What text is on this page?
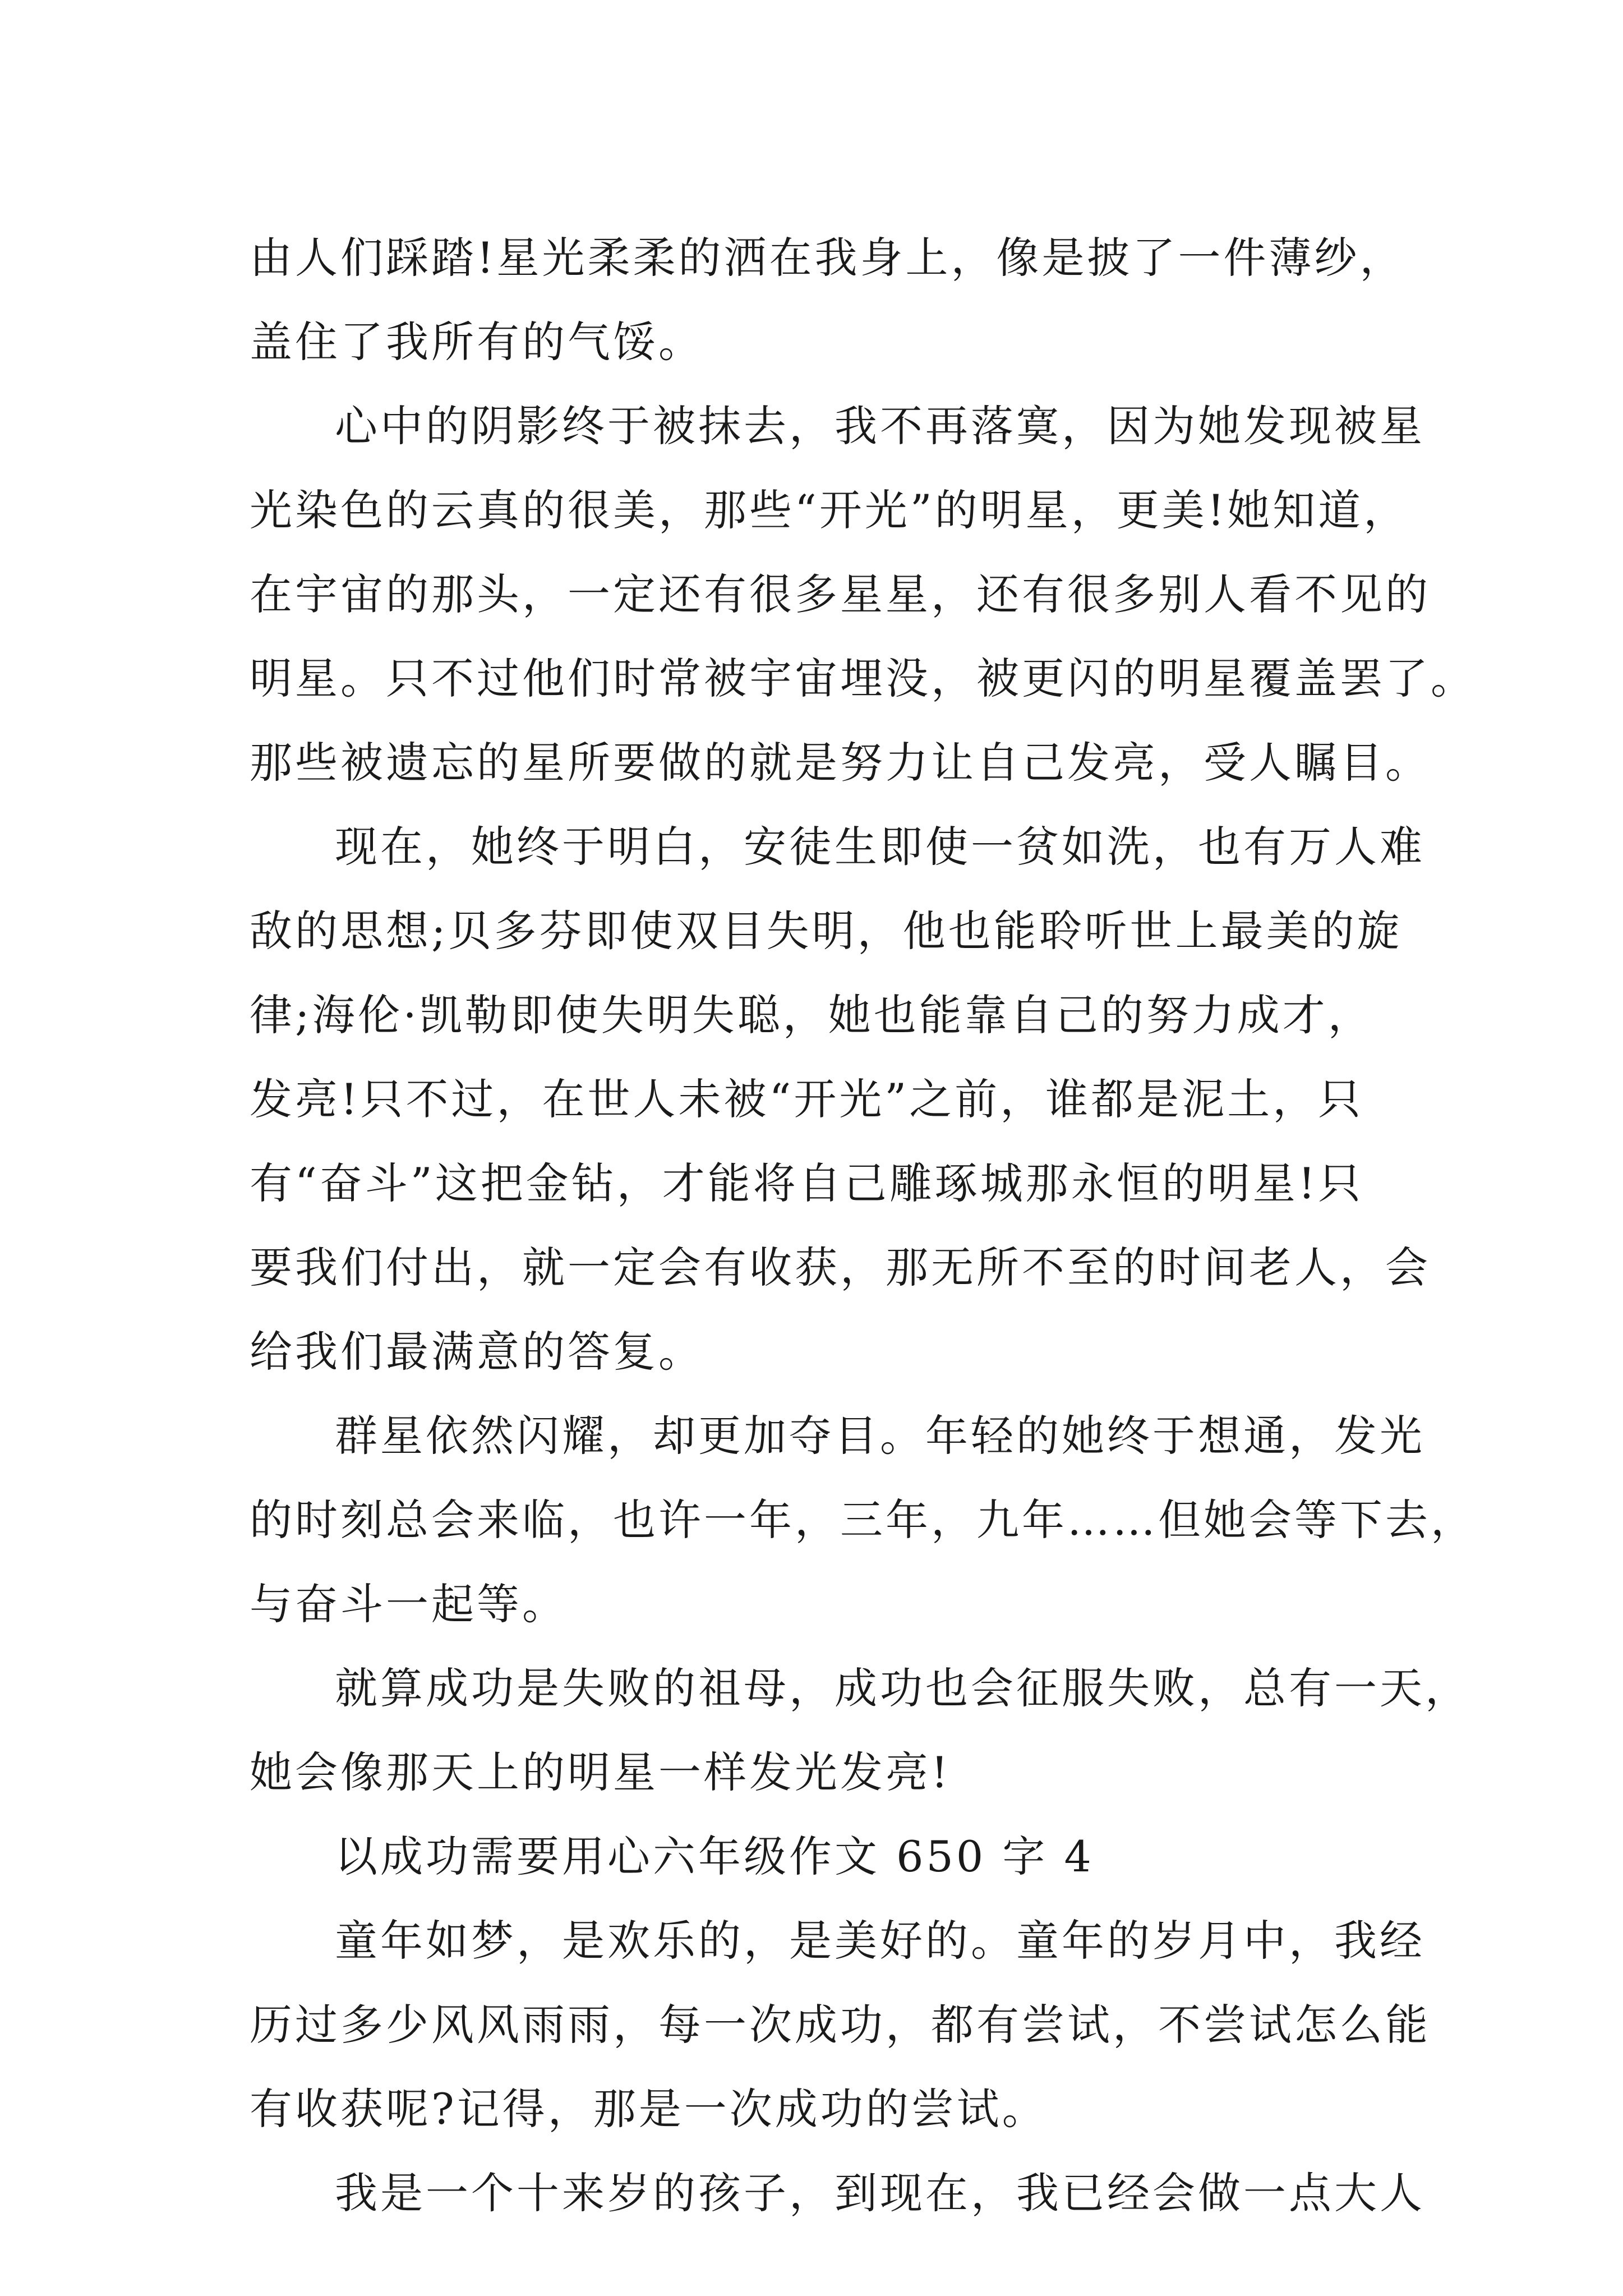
由人们踩踏!星光柔柔的洒在我身上，像是披了一件薄纱，
盖住了我所有的气馁。
心中的阴影终于被抹去，我不再落寞，因为她发现被星
光染色的云真的很美，那些“开光”的明星，更美!她知道，
在宇宙的那头，一定还有很多星星，还有很多别人看不见的
明星。只不过他们时常被宇宙埋没，被更闪的明星覆盖罢了。
那些被遗忘的星所要做的就是努力让自己发亮，受人瞩目。
现在，她终于明白，安徒生即使一贫如洗，也有万人难
敌的思想;贝多芬即使双目失明，他也能聆听世上最美的旋
律;海伦·凯勒即使失明失聪，她也能靠自己的努力成才，
发亮!只不过，在世人未被“开光”之前，谁都是泥土，只
有“奋斗”这把金钻，才能将自己雕琢城那永恒的明星!只
要我们付出，就一定会有收获，那无所不至的时间老人，会
给我们最满意的答复。
群星依然闪耀，却更加夺目。年轻的她终于想通，发光
的时刻总会来临，也许一年，三年，九年……但她会等下去，
与奋斗一起等。
就算成功是失败的祖母，成功也会征服失败，总有一天，
她会像那天上的明星一样发光发亮!
以成功需要用心六年级作文 650 字 4
童年如梦，是欢乐的，是美好的。童年的岁月中，我经
历过多少风风雨雨，每一次成功，都有尝试，不尝试怎么能
有收获呢?记得，那是一次成功的尝试。
我是一个十来岁的孩子，到现在，我已经会做一点大人
